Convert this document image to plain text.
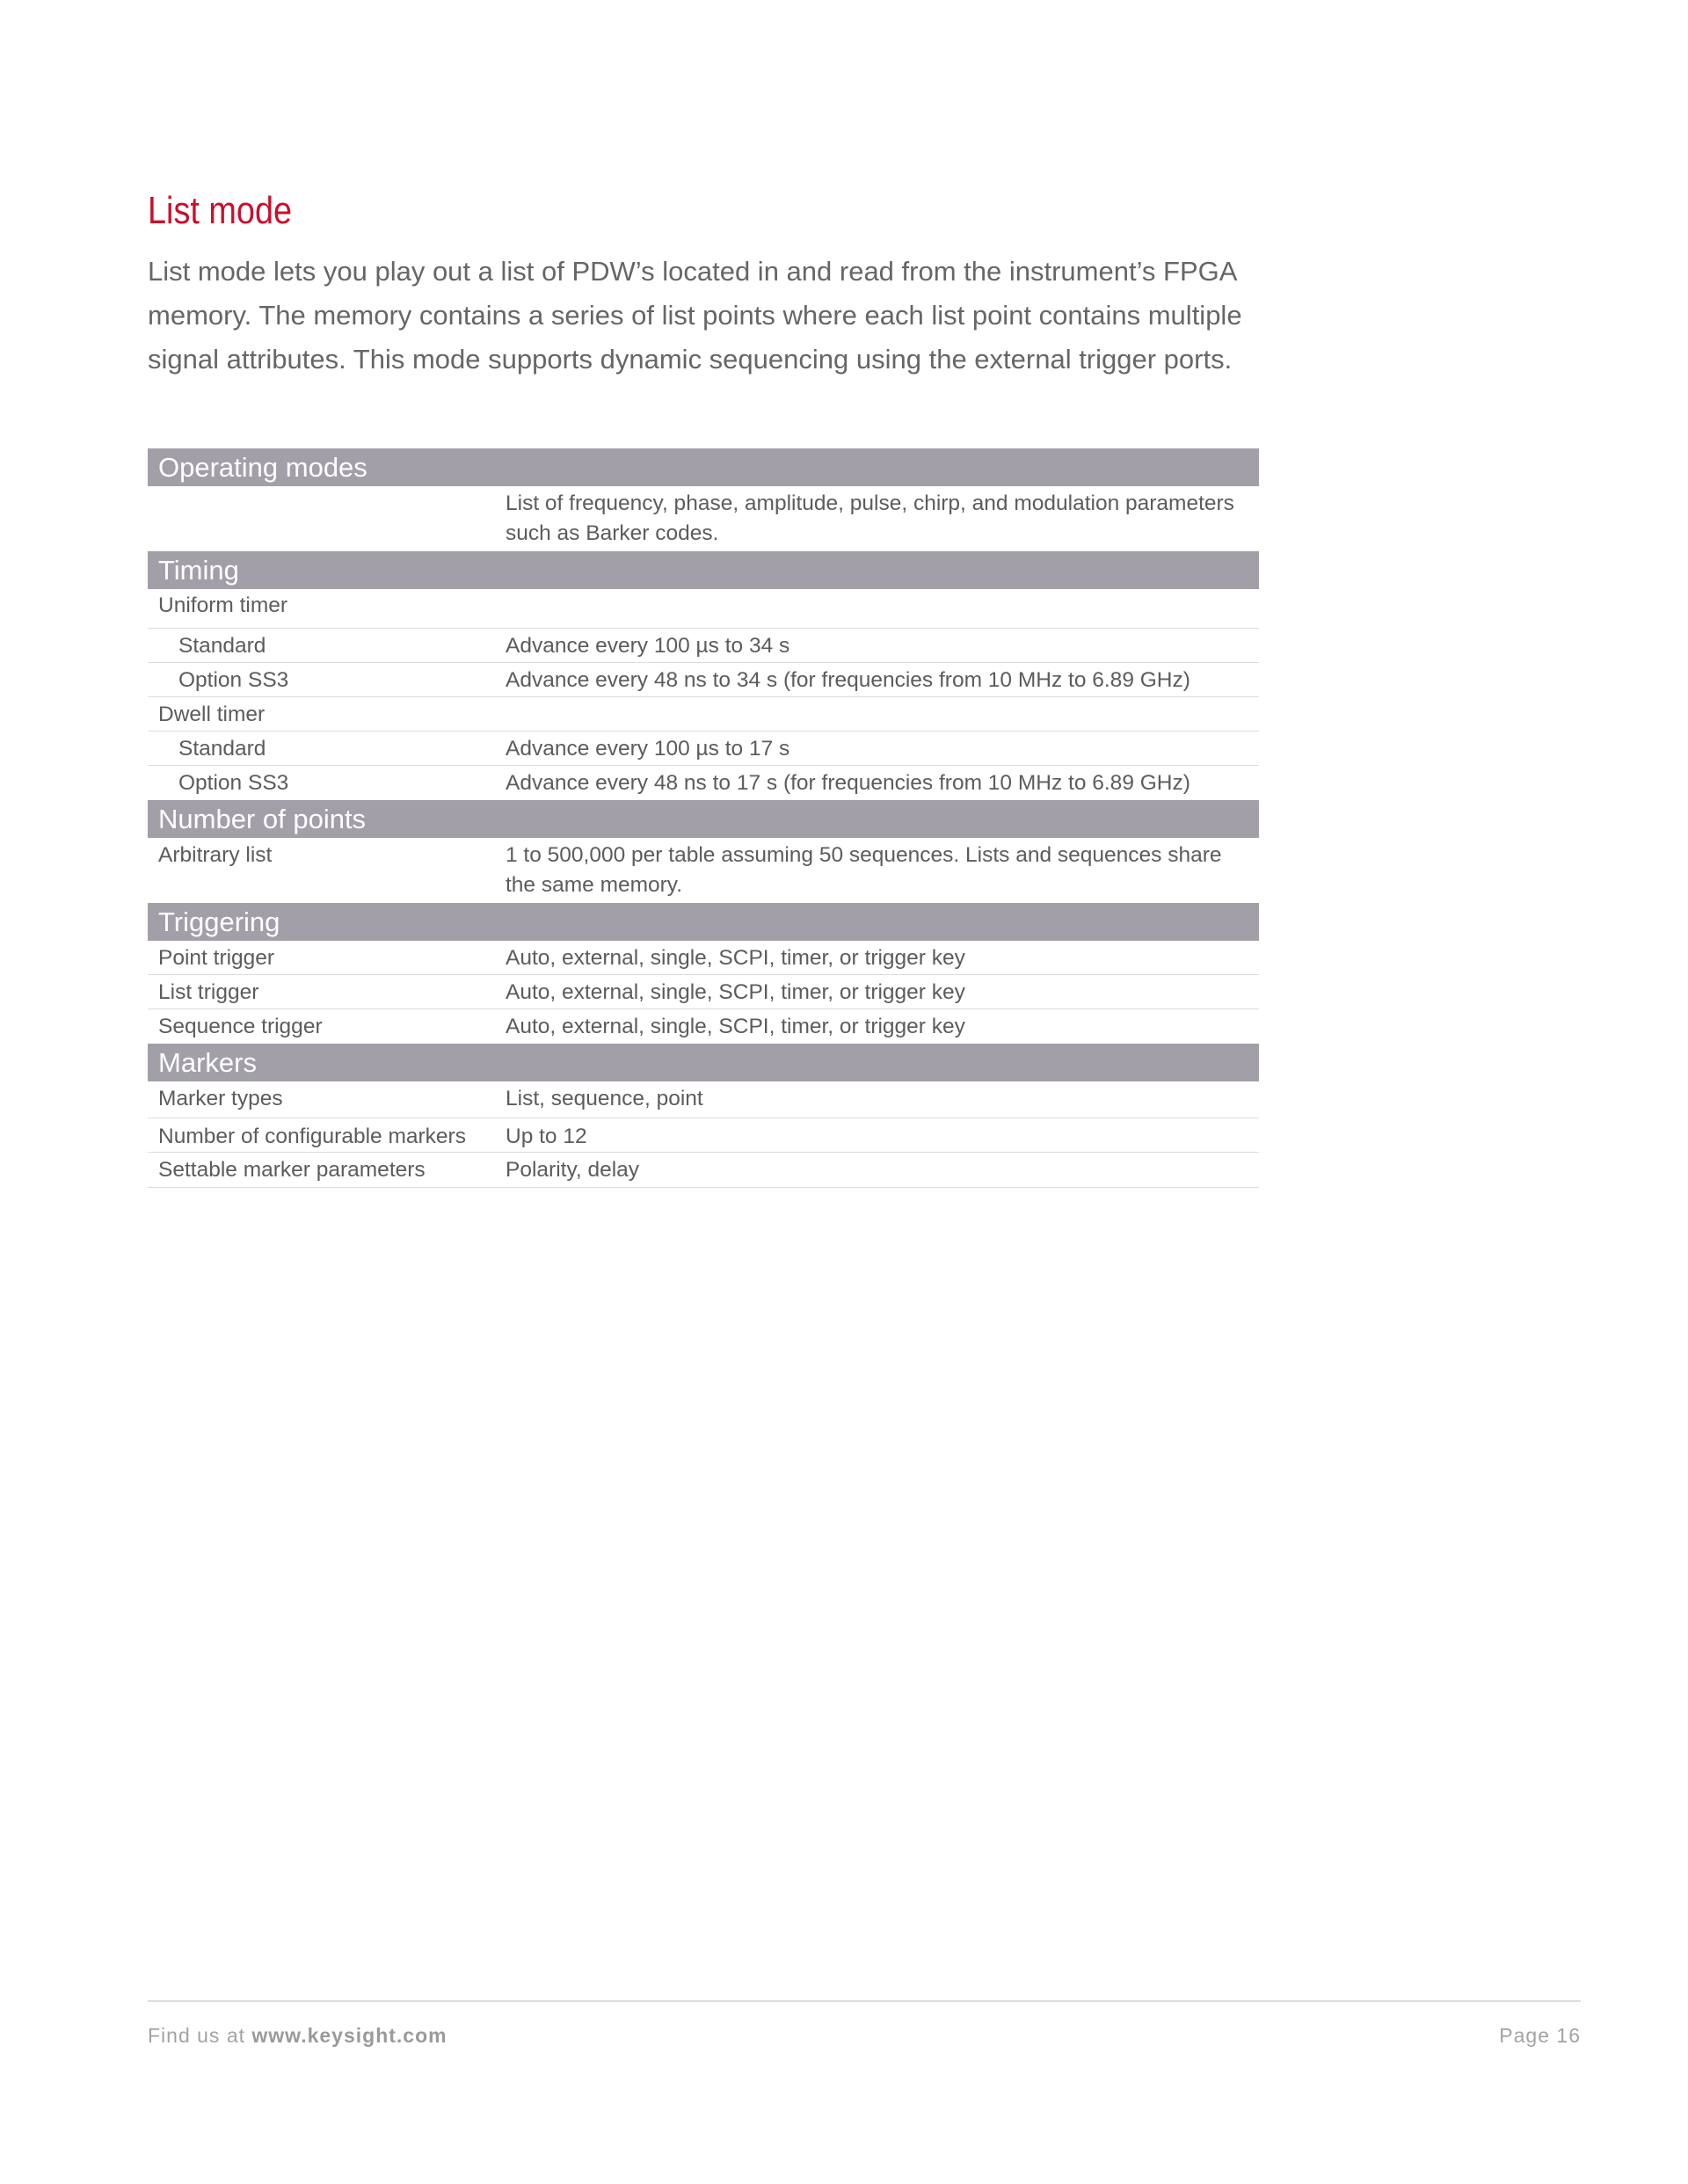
List mode

List mode lets you play out a list of PDW’s located in and read from the instrument’s FPGA memory. The memory contains a series of list points where each list point contains multiple signal attributes. This mode supports dynamic sequencing using the external trigger ports.

Operating modes
List of frequency, phase, amplitude, pulse, chirp, and modulation parameters such as Barker codes.
Timing
Uniform timer
Standard	Advance every 100 µs to 34 s
Option SS3	Advance every 48 ns to 34 s (for frequencies from 10 MHz to 6.89 GHz)
Dwell timer
Standard	Advance every 100 µs to 17 s
Option SS3	Advance every 48 ns to 17 s (for frequencies from 10 MHz to 6.89 GHz)
Number of points
Arbitrary list	1 to 500,000 per table assuming 50 sequences. Lists and sequences share the same memory.
Triggering
Point trigger	Auto, external, single, SCPI, timer, or trigger key
List trigger	Auto, external, single, SCPI, timer, or trigger key
Sequence trigger	Auto, external, single, SCPI, timer, or trigger key
Markers
Marker types	List, sequence, point
Number of configurable markers	Up to 12
Settable marker parameters	Polarity, delay
Find us at www.keysight.com	Page 16
